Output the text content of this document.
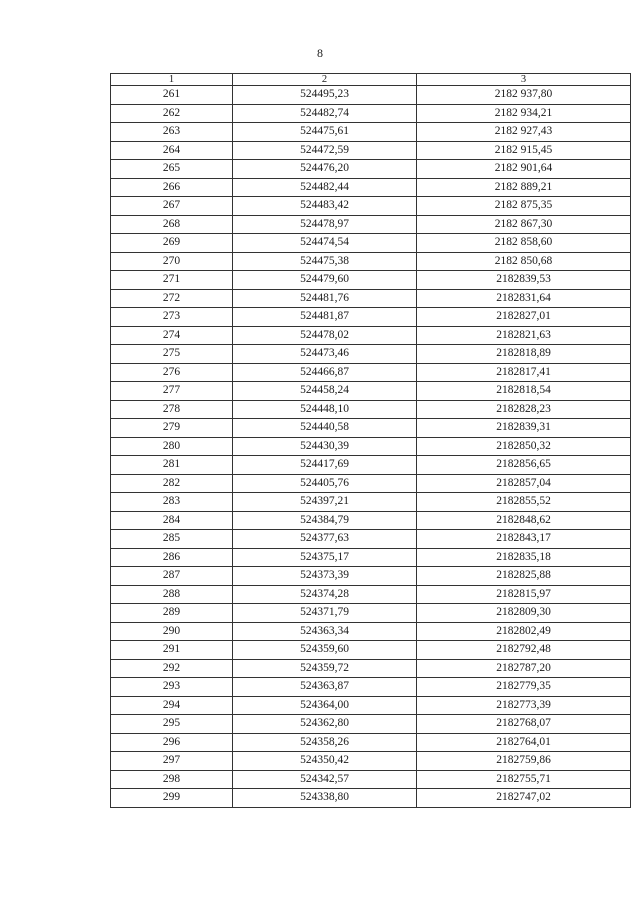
8
1	2	3
261	524495,23	2182 937,80
262	524482,74	2182 934,21
263	524475,61	2182 927,43
264	524472,59	2182 915,45
265	524476,20	2182 901,64
266	524482,44	2182 889,21
267	524483,42	2182 875,35
268	524478,97	2182 867,30
269	524474,54	2182 858,60
270	524475,38	2182 850,68
271	524479,60	2182839,53
272	524481,76	2182831,64
273	524481,87	2182827,01
274	524478,02	2182821,63
275	524473,46	2182818,89
276	524466,87	2182817,41
277	524458,24	2182818,54
278	524448,10	2182828,23
279	524440,58	2182839,31
280	524430,39	2182850,32
281	524417,69	2182856,65
282	524405,76	2182857,04
283	524397,21	2182855,52
284	524384,79	2182848,62
285	524377,63	2182843,17
286	524375,17	2182835,18
287	524373,39	2182825,88
288	524374,28	2182815,97
289	524371,79	2182809,30
290	524363,34	2182802,49
291	524359,60	2182792,48
292	524359,72	2182787,20
293	524363,87	2182779,35
294	524364,00	2182773,39
295	524362,80	2182768,07
296	524358,26	2182764,01
297	524350,42	2182759,86
298	524342,57	2182755,71
299	524338,80	2182747,02
